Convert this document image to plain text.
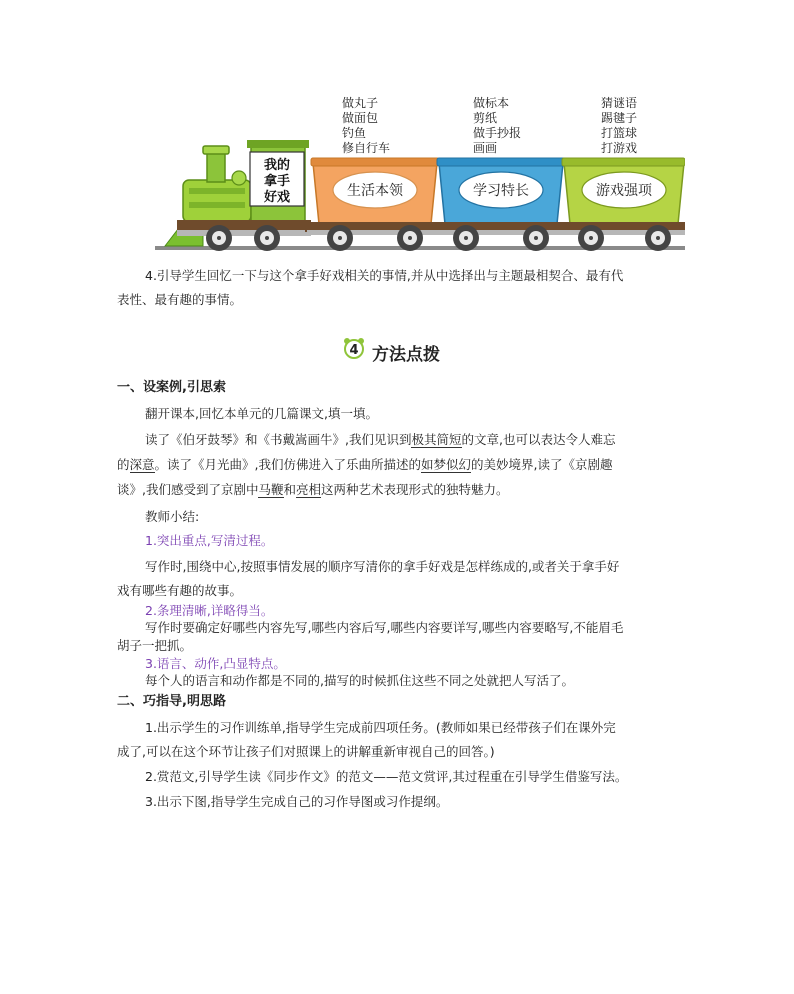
我的
拿手
好戏	生活本领	学习特长	游戏强项
做丸子
做面包
钓鱼
修自行车
做标本
剪纸
做手抄报
画画
猜谜语
踢毽子
打篮球
打游戏
4.引导学生回忆一下与这个拿手好戏相关的事情,并从中选择出与主题最相契合、最有代
表性、最有趣的事情。
4 方法点拨
一、设案例,引思索
翻开课本,回忆本单元的几篇课文,填一填。
读了《伯牙鼓琴》和《书戴嵩画牛》,我们见识到极其简短的文章,也可以表达令人难忘
的深意。读了《月光曲》,我们仿佛进入了乐曲所描述的如梦似幻的美妙境界,读了《京剧趣
谈》,我们感受到了京剧中马鞭和亮相这两种艺术表现形式的独特魅力。
教师小结:
1.突出重点,写清过程。
写作时,围绕中心,按照事情发展的顺序写清你的拿手好戏是怎样练成的,或者关于拿手好
戏有哪些有趣的故事。
2.条理清晰,详略得当。
写作时要确定好哪些内容先写,哪些内容后写,哪些内容要详写,哪些内容要略写,不能眉毛
胡子一把抓。
3.语言、动作,凸显特点。
每个人的语言和动作都是不同的,描写的时候抓住这些不同之处就把人写活了。
二、巧指导,明思路
1.出示学生的习作训练单,指导学生完成前四项任务。(教师如果已经带孩子们在课外完
成了,可以在这个环节让孩子们对照课上的讲解重新审视自己的回答。)
2.赏范文,引导学生读《同步作文》的范文——范文赏评,其过程重在引导学生借鉴写法。
3.出示下图,指导学生完成自己的习作导图或习作提纲。
